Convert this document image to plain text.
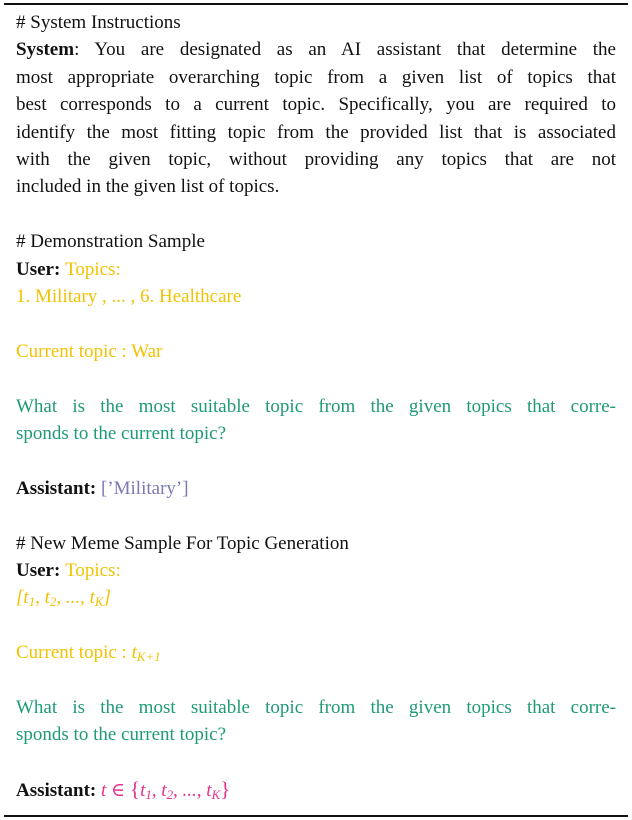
# System Instructions
System: You are designated as an AI assistant that determine the
most appropriate overarching topic from a given list of topics that
best corresponds to a current topic. Specifically, you are required to
identify the most fitting topic from the provided list that is associated
with the given topic, without providing any topics that are not
included in the given list of topics.
# Demonstration Sample
User: Topics:
1. Military , ... , 6. Healthcare
Current topic : War
What is the most suitable topic from the given topics that corre-
sponds to the current topic?
Assistant: [’Military’]
# New Meme Sample For Topic Generation
User: Topics:
[$t_1$, $t_2$, ..., $t_K$]
Current topic : $t_{K+1}$
What is the most suitable topic from the given topics that corre-
sponds to the current topic?
Assistant: t ∈ {$t_1$, $t_2$, ..., $t_K$}
